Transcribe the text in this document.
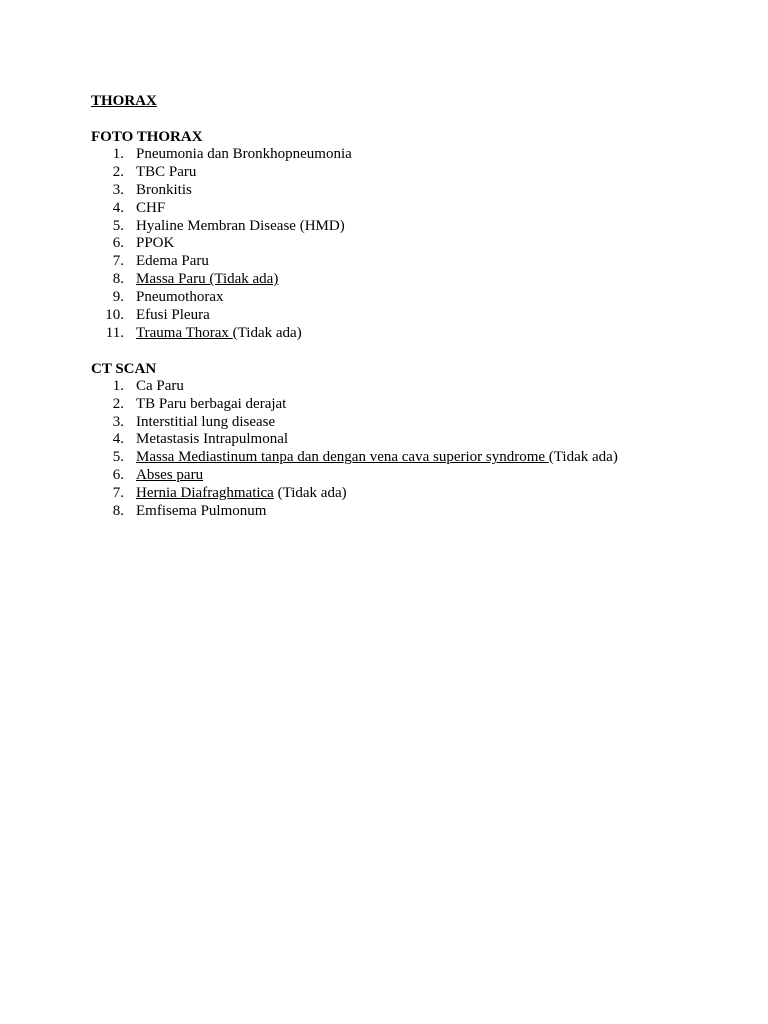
THORAX

FOTO THORAX

1. Pneumonia dan Bronkhopneumonia
2. TBC Paru
3. Bronkitis
4. CHF
5. Hyaline Membran Disease (HMD)
6. PPOK
7. Edema Paru
8. Massa Paru (Tidak ada)
9. Pneumothorax
10. Efusi Pleura
11. Trauma Thorax (Tidak ada)

CT SCAN

1. Ca Paru
2. TB Paru berbagai derajat
3. Interstitial lung disease
4. Metastasis Intrapulmonal
5. Massa Mediastinum tanpa dan dengan vena cava superior syndrome (Tidak ada)
6. Abses paru
7. Hernia Diafraghmatica (Tidak ada)
8. Emfisema Pulmonum
